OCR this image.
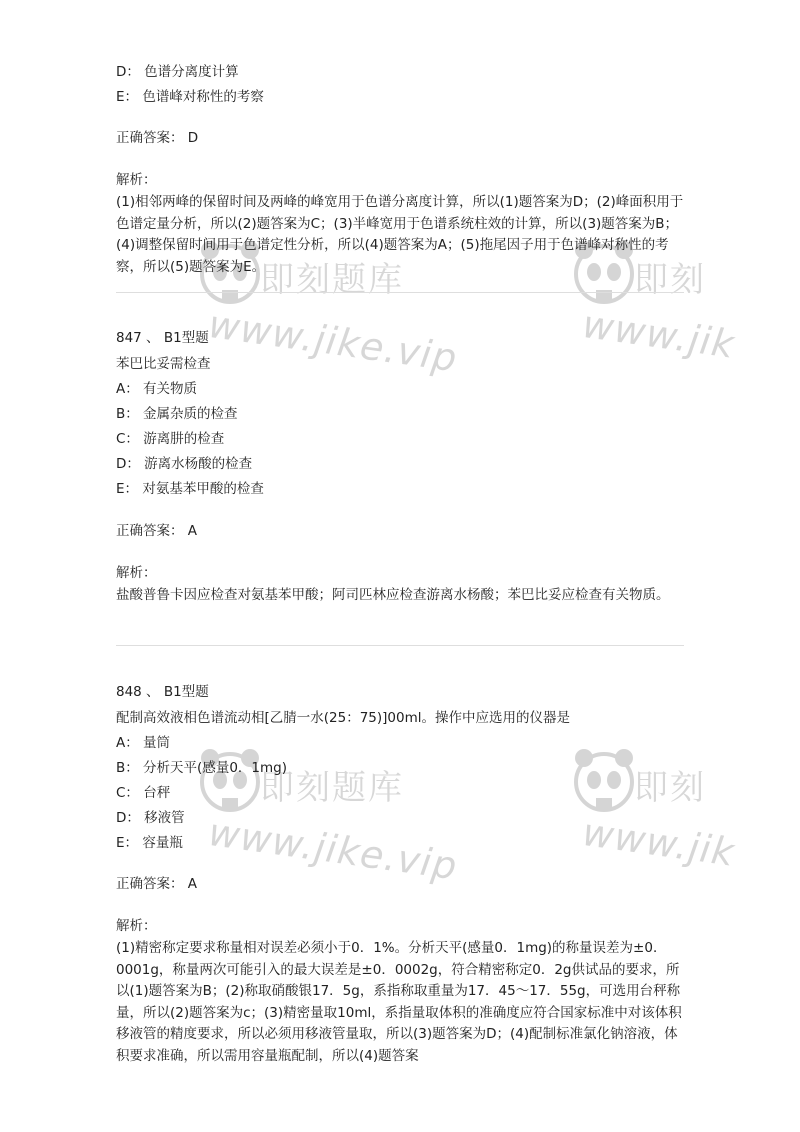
即刻题库
www.jike.vip
即刻
www.jik
即刻题库
www.jike.vip
即刻
www.jik
D： 色谱分离度计算
E： 色谱峰对称性的考察
正确答案： D
解析：
(1)相邻两峰的保留时间及两峰的峰宽用于色谱分离度计算，所以(1)题答案为D；(2)峰面积用于色谱定量分析，所以(2)题答案为C；(3)半峰宽用于色谱系统柱效的计算，所以(3)题答案为B；(4)调整保留时间用于色谱定性分析，所以(4)题答案为A；(5)拖尾因子用于色谱峰对称性的考察，所以(5)题答案为E。
847 、 B1型题
苯巴比妥需检查
A： 有关物质
B： 金属杂质的检查
C： 游离肼的检查
D： 游离水杨酸的检查
E： 对氨基苯甲酸的检查
正确答案： A
解析：
盐酸普鲁卡因应检查对氨基苯甲酸；阿司匹林应检查游离水杨酸；苯巴比妥应检查有关物质。
848 、 B1型题
配制高效液相色谱流动相[乙腈一水(25：75)]00ml。操作中应选用的仪器是
A： 量筒
B： 分析天平(感量0．1mg)
C： 台秤
D： 移液管
E： 容量瓶
正确答案： A
解析：
(1)精密称定要求称量相对误差必须小于0．1%。分析天平(感量0．1mg)的称量误差为±0．0001g，称量两次可能引入的最大误差是±0．0002g，符合精密称定0．2g供试品的要求，所以(1)题答案为B；(2)称取硝酸银17．5g，系指称取重量为17．45～17．55g，可选用台秤称量，所以(2)题答案为c；(3)精密量取10ml，系指量取体积的准确度应符合国家标准中对该体积移液管的精度要求，所以必须用移液管量取，所以(3)题答案为D；(4)配制标准氯化钠溶液，体积要求准确，所以需用容量瓶配制，所以(4)题答案
